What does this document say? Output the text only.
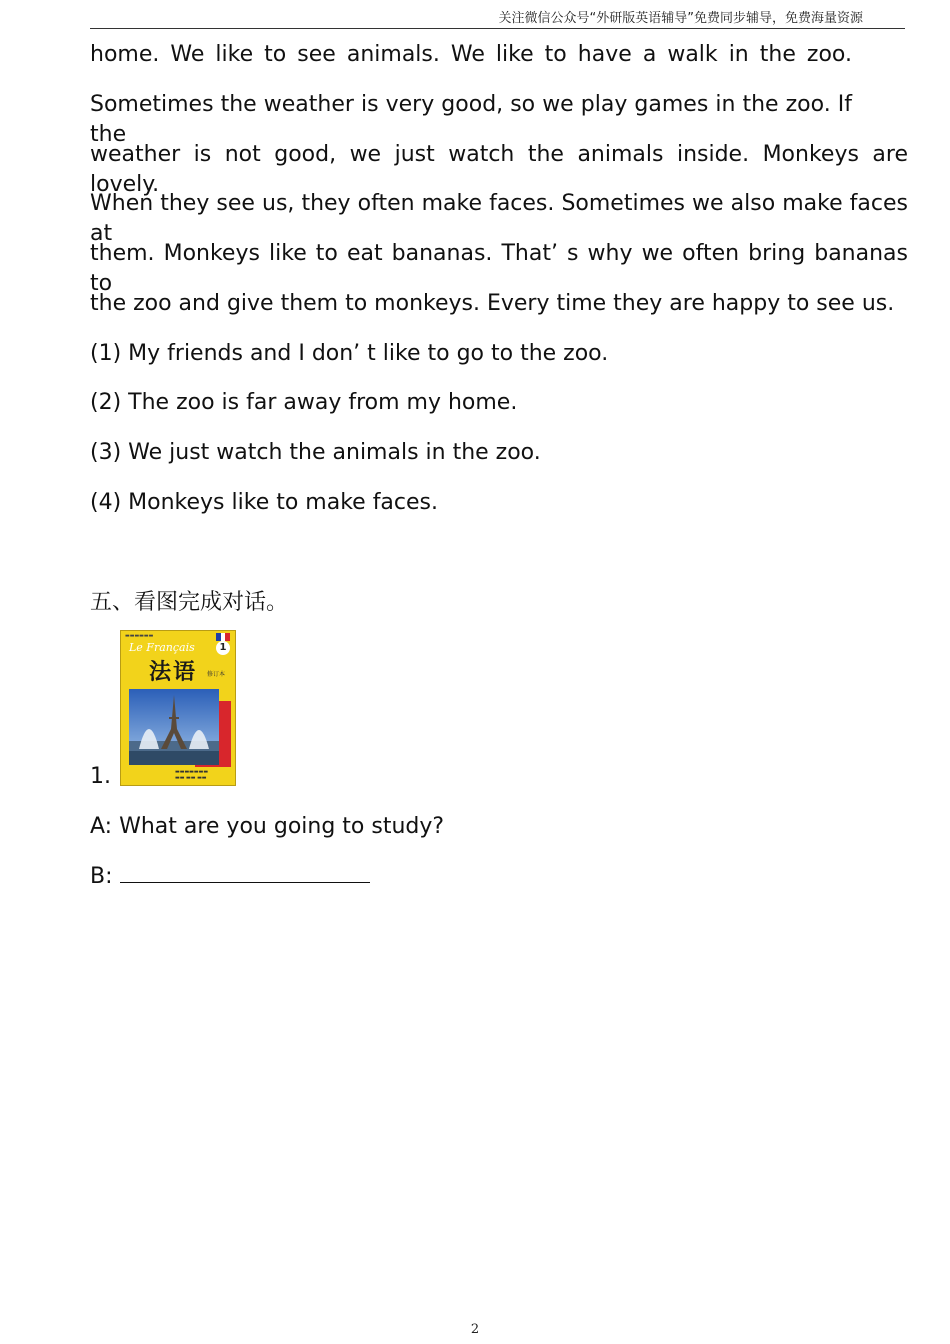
关注微信公众号“外研版英语辅导”免费同步辅导，免费海量资源
home. We like to see animals. We like to have a walk in the zoo.
Sometimes the weather is very good, so we play games in the zoo. If the
weather is not good, we just watch the animals inside. Monkeys are lovely.
When they see us, they often make faces. Sometimes we also make faces at
them. Monkeys like to eat bananas. That’ s why we often bring bananas to
the zoo and give them to monkeys. Every time they are happy to see us.
(1) My friends and I don’ t like to go to the zoo.
(2) The zoo is far away from my home.
(3) We just watch the animals in the zoo.
(4) Monkeys like to make faces.
五、看图完成对话。
▬▬▬▬▬▬
Le Français	1
法语 修订本
▬▬▬▬▬▬▬
▬▬ ▬▬ ▬▬
1.
A: What are you going to study?
B:
2
